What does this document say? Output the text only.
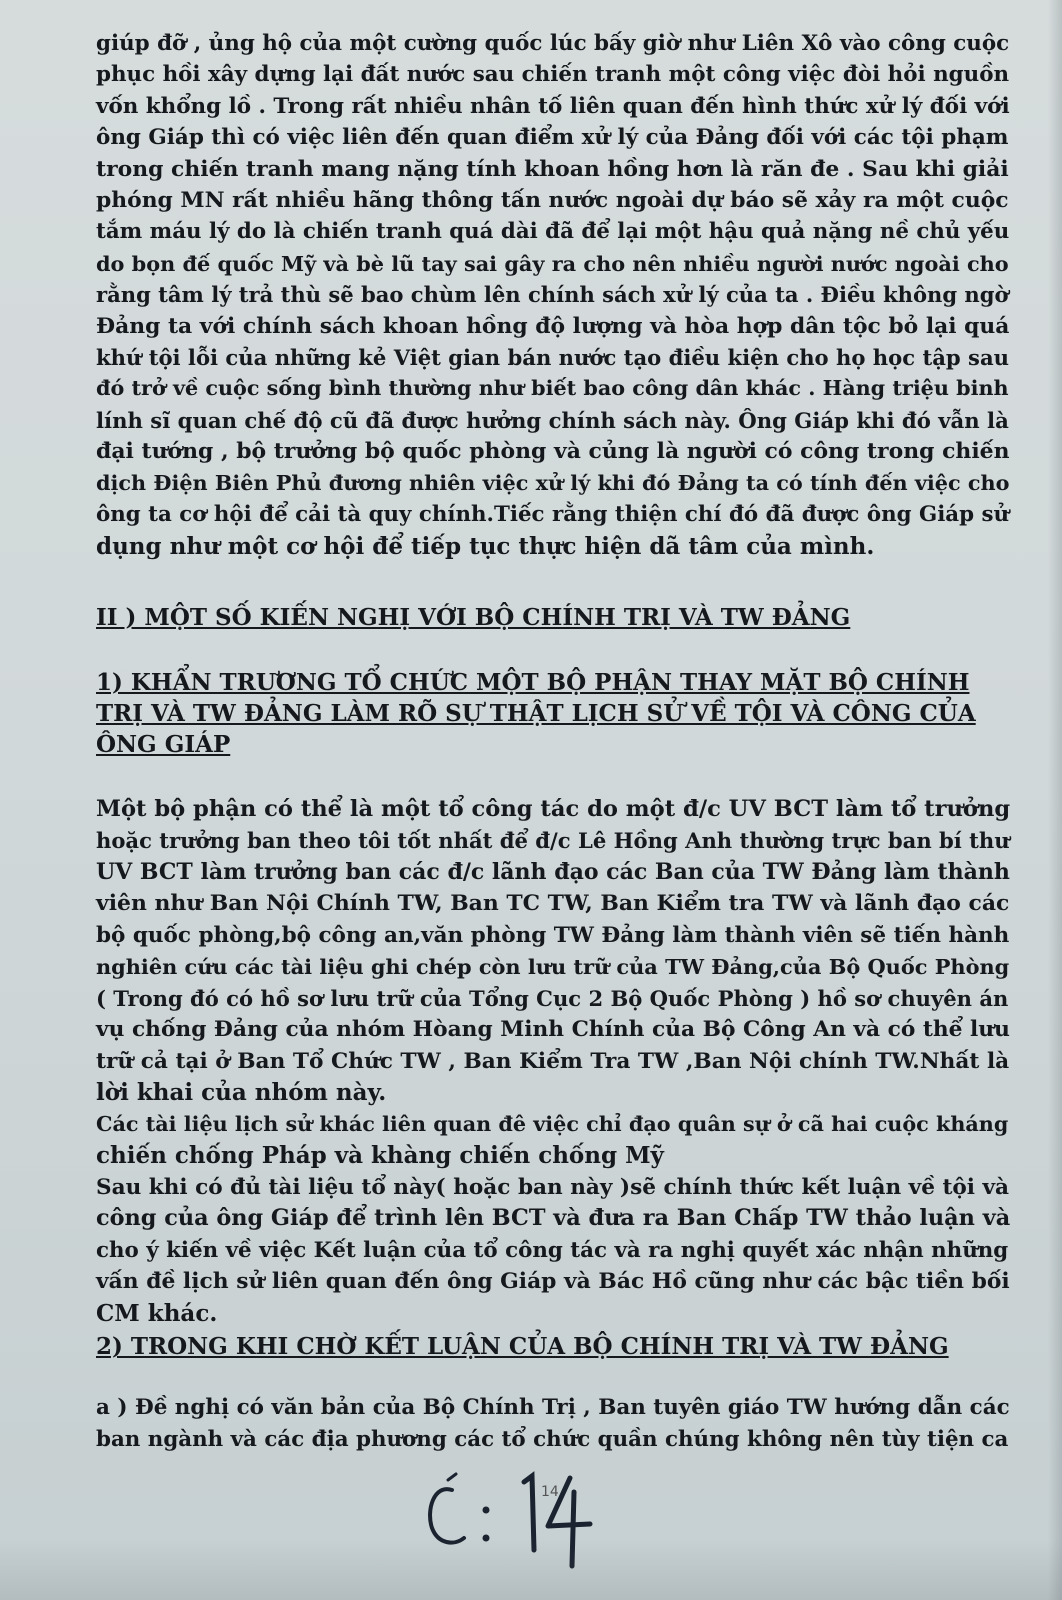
giúp đỡ , ủng hộ của một cường quốc lúc bấy giờ như Liên Xô vào công cuộc
phục hồi xây dựng lại đất nước sau chiến tranh một công việc đòi hỏi nguồn
vốn khổng lồ . Trong rất nhiều nhân tố liên quan đến hình thức xử lý đối với
ông Giáp thì có việc liên đến quan điểm xử lý của Đảng đối với các tội phạm
trong chiến tranh mang nặng tính khoan hồng hơn là răn đe . Sau khi giải
phóng MN rất nhiều hãng thông tấn nước ngoài dự báo sẽ xảy ra một cuộc
tắm máu lý do là chiến tranh quá dài đã để lại một hậu quả nặng nề chủ yếu
do bọn đế quốc Mỹ và bè lũ tay sai gây ra cho nên nhiều người nước ngoài cho
rằng tâm lý trả thù sẽ bao chùm lên chính sách xử lý của ta . Điều không ngờ
Đảng ta với chính sách khoan hồng độ lượng và hòa hợp dân tộc bỏ lại quá
khứ tội lỗi của những kẻ Việt gian bán nước tạo điều kiện cho họ học tập sau
đó trở về cuộc sống bình thường như biết bao công dân khác . Hàng triệu binh
lính sĩ quan chế độ cũ đã được hưởng chính sách này. Ông Giáp khi đó vẫn là
đại tướng , bộ trưởng bộ quốc phòng và củng là người có công trong chiến
dịch Điện Biên Phủ đương nhiên việc xử lý khi đó Đảng ta có tính đến việc cho
ông ta cơ hội để cải tà quy chính.Tiếc rằng thiện chí đó đã được ông Giáp sử
dụng như một cơ hội để tiếp tục thực hiện dã tâm của mình.
II ) MỘT SỐ KIẾN NGHỊ VỚI BỘ CHÍNH TRỊ VÀ TW ĐẢNG
1) KHẨN TRƯƠNG TỔ CHỨC MỘT BỘ PHẬN THAY MẶT BỘ CHÍNH
TRỊ VÀ TW ĐẢNG LÀM RÕ SỰ THẬT LỊCH SỬ VỀ TỘI VÀ CÔNG CỦA
ÔNG GIÁP
Một bộ phận có thể là một tổ công tác do một đ/c UV BCT làm tổ trưởng
hoặc trưởng ban theo tôi tốt nhất để đ/c Lê Hồng Anh thường trực ban bí thư
UV BCT làm trưởng ban các đ/c lãnh đạo các Ban của TW Đảng làm thành
viên như Ban Nội Chính TW, Ban TC TW, Ban Kiểm tra TW và lãnh đạo các
bộ quốc phòng,bộ công an,văn phòng TW Đảng làm thành viên sẽ tiến hành
nghiên cứu các tài liệu ghi chép còn lưu trữ của TW Đảng,của Bộ Quốc Phòng
( Trong đó có hồ sơ lưu trữ của Tổng Cục 2 Bộ Quốc Phòng ) hồ sơ chuyên án
vụ chống Đảng của nhóm Hòang Minh Chính của Bộ Công An và có thể lưu
trữ cả tại ở Ban Tổ Chức TW , Ban Kiểm Tra TW ,Ban Nội chính TW.Nhất là
lời khai của nhóm này.
Các tài liệu lịch sử khác liên quan đê việc chỉ đạo quân sự ở cã hai cuộc kháng
chiến chống Pháp và khàng chiến chống Mỹ
Sau khi có đủ tài liệu tổ này( hoặc ban này )sẽ chính thức kết luận về tội và
công của ông Giáp để trình lên BCT và đưa ra Ban Chấp TW thảo luận và
cho ý kiến về việc Kết luận của tổ công tác và ra nghị quyết xác nhận những
vấn đề lịch sử liên quan đến ông Giáp và Bác Hồ cũng như các bậc tiền bối
CM khác.
2) TRONG KHI CHỜ KẾT LUẬN CỦA BỘ CHÍNH TRỊ VÀ TW ĐẢNG
a ) Đề nghị có văn bản của Bộ Chính Trị , Ban tuyên giáo TW hướng dẫn các
ban ngành và các địa phương các tổ chức quần chúng không nên tùy tiện ca
14
